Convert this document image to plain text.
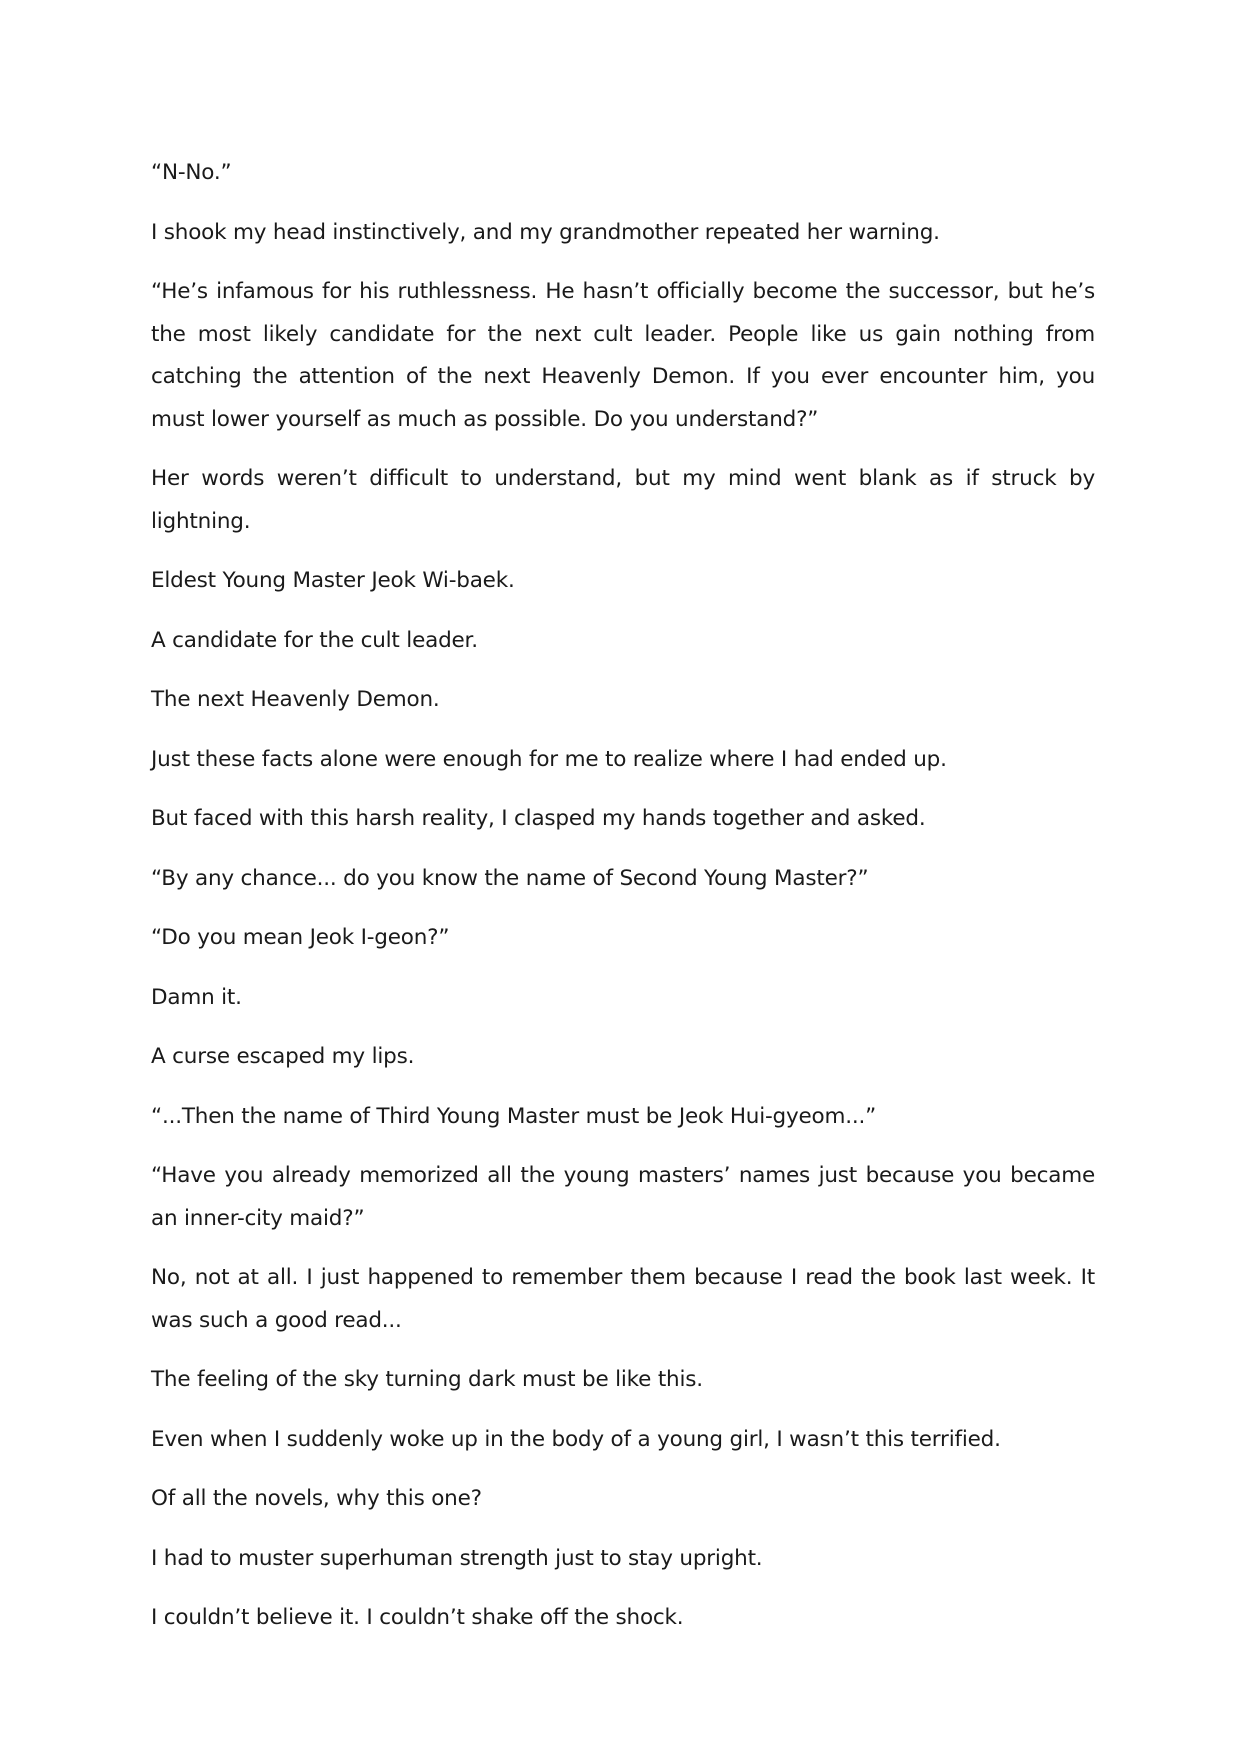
“N-No.”

I shook my head instinctively, and my grandmother repeated her warning.

“He’s infamous for his ruthlessness. He hasn’t officially become the successor, but he’s the most likely candidate for the next cult leader. People like us gain nothing from catching the attention of the next Heavenly Demon. If you ever encounter him, you must lower yourself as much as possible. Do you understand?”

Her words weren’t difficult to understand, but my mind went blank as if struck by lightning.

Eldest Young Master Jeok Wi-baek.

A candidate for the cult leader.

The next Heavenly Demon.

Just these facts alone were enough for me to realize where I had ended up.

But faced with this harsh reality, I clasped my hands together and asked.

“By any chance... do you know the name of Second Young Master?”

“Do you mean Jeok I-geon?”

Damn it.

A curse escaped my lips.

“...Then the name of Third Young Master must be Jeok Hui-gyeom...”

“Have you already memorized all the young masters’ names just because you became an inner-city maid?”

No, not at all. I just happened to remember them because I read the book last week. It was such a good read...

The feeling of the sky turning dark must be like this.

Even when I suddenly woke up in the body of a young girl, I wasn’t this terrified.

Of all the novels, why this one?

I had to muster superhuman strength just to stay upright.

I couldn’t believe it. I couldn’t shake off the shock.
